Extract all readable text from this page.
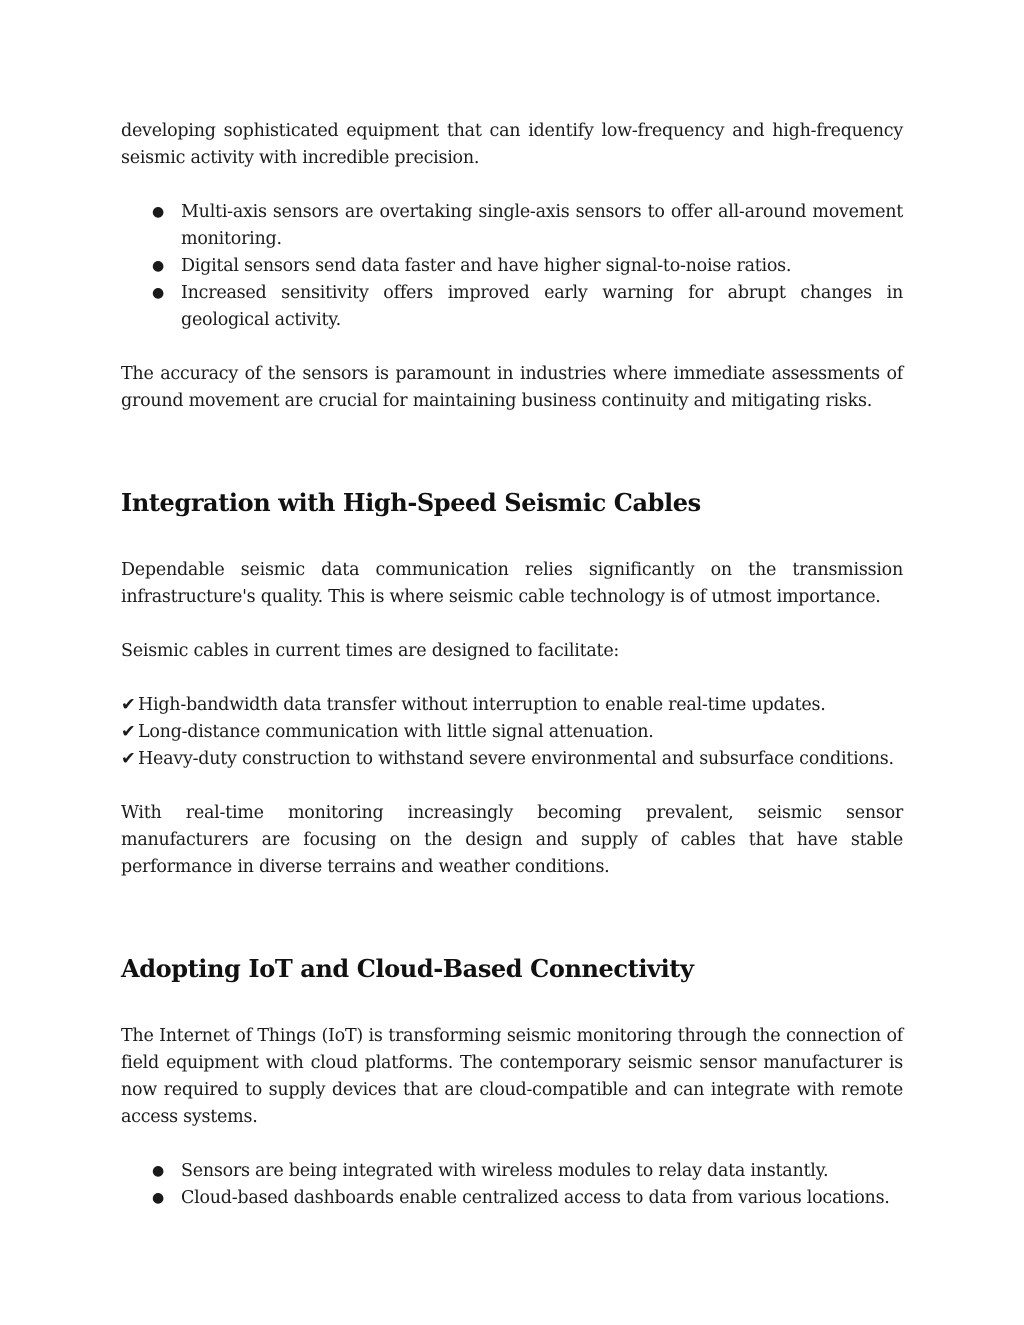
developing sophisticated equipment that can identify low-frequency and high-frequency seismic activity with incredible precision.

● Multi-axis sensors are overtaking single-axis sensors to offer all-around movement monitoring.
● Digital sensors send data faster and have higher signal-to-noise ratios.
● Increased sensitivity offers improved early warning for abrupt changes in geological activity.

The accuracy of the sensors is paramount in industries where immediate assessments of ground movement are crucial for maintaining business continuity and mitigating risks.

Integration with High-Speed Seismic Cables

Dependable seismic data communication relies significantly on the transmission infrastructure's quality. This is where seismic cable technology is of utmost importance.

Seismic cables in current times are designed to facilitate:

✔ High-bandwidth data transfer without interruption to enable real-time updates.
✔ Long-distance communication with little signal attenuation.
✔ Heavy-duty construction to withstand severe environmental and subsurface conditions.

With real-time monitoring increasingly becoming prevalent, seismic sensor manufacturers are focusing on the design and supply of cables that have stable performance in diverse terrains and weather conditions.

Adopting IoT and Cloud-Based Connectivity

The Internet of Things (IoT) is transforming seismic monitoring through the connection of field equipment with cloud platforms. The contemporary seismic sensor manufacturer is now required to supply devices that are cloud-compatible and can integrate with remote access systems.

● Sensors are being integrated with wireless modules to relay data instantly.
● Cloud-based dashboards enable centralized access to data from various locations.
